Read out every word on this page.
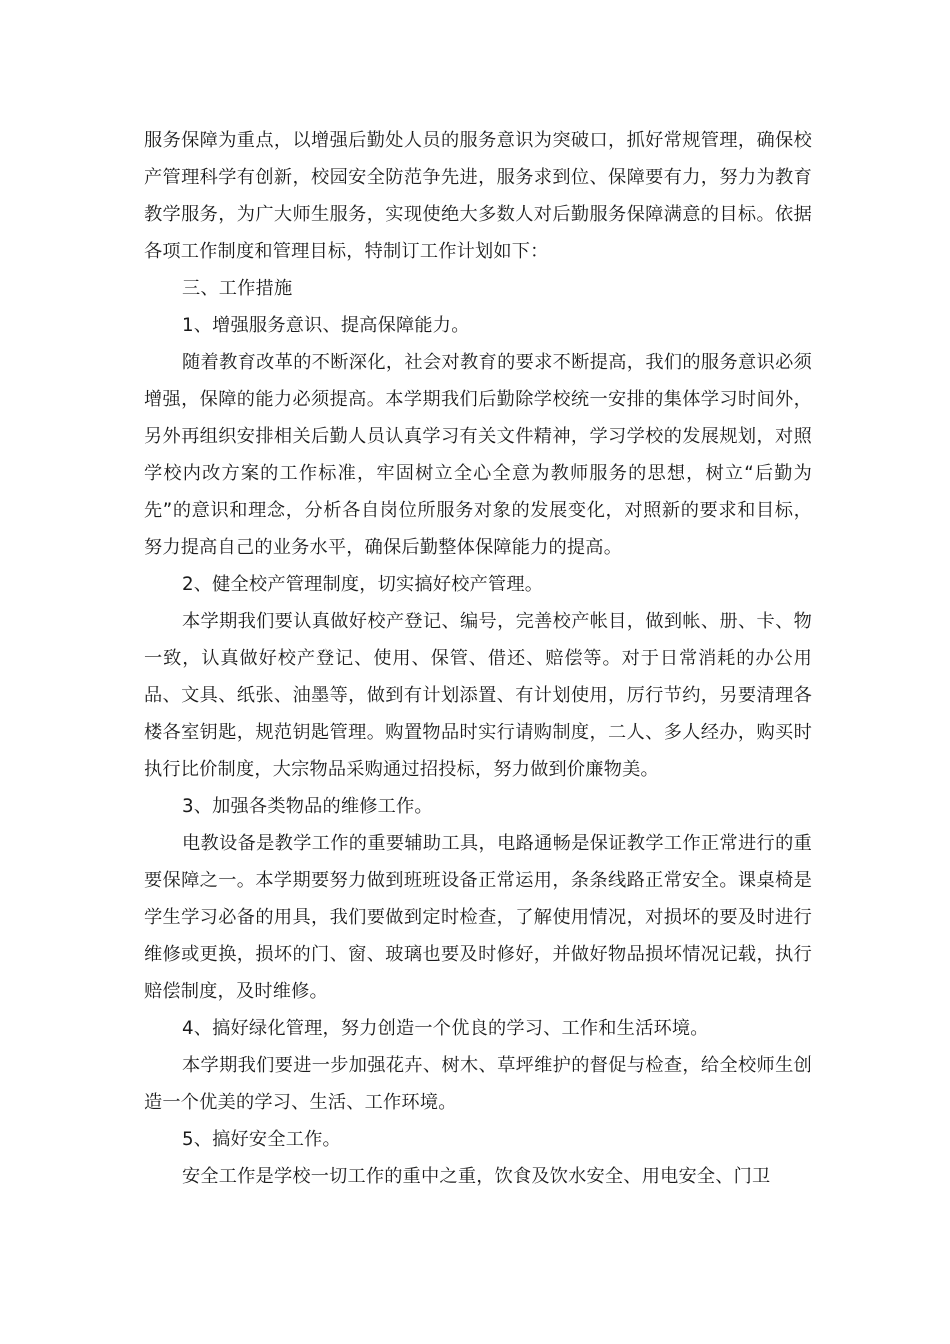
服务保障为重点，以增强后勤处人员的服务意识为突破口，抓好常规管理，确保校产管理科学有创新，校园安全防范争先进，服务求到位、保障要有力，努力为教育教学服务，为广大师生服务，实现使绝大多数人对后勤服务保障满意的目标。依据各项工作制度和管理目标，特制订工作计划如下：

三、工作措施

1、增强服务意识、提高保障能力。

随着教育改革的不断深化，社会对教育的要求不断提高，我们的服务意识必须增强，保障的能力必须提高。本学期我们后勤除学校统一安排的集体学习时间外，另外再组织安排相关后勤人员认真学习有关文件精神，学习学校的发展规划，对照学校内改方案的工作标准，牢固树立全心全意为教师服务的思想，树立“后勤为先”的意识和理念，分析各自岗位所服务对象的发展变化，对照新的要求和目标，努力提高自己的业务水平，确保后勤整体保障能力的提高。

2、健全校产管理制度，切实搞好校产管理。

本学期我们要认真做好校产登记、编号，完善校产帐目，做到帐、册、卡、物一致，认真做好校产登记、使用、保管、借还、赔偿等。对于日常消耗的办公用品、文具、纸张、油墨等，做到有计划添置、有计划使用，厉行节约，另要清理各楼各室钥匙，规范钥匙管理。购置物品时实行请购制度，二人、多人经办，购买时执行比价制度，大宗物品采购通过招投标，努力做到价廉物美。

3、加强各类物品的维修工作。

电教设备是教学工作的重要辅助工具，电路通畅是保证教学工作正常进行的重要保障之一。本学期要努力做到班班设备正常运用，条条线路正常安全。课桌椅是学生学习必备的用具，我们要做到定时检查，了解使用情况，对损坏的要及时进行维修或更换，损坏的门、窗、玻璃也要及时修好，并做好物品损坏情况记载，执行赔偿制度，及时维修。

4、搞好绿化管理，努力创造一个优良的学习、工作和生活环境。

本学期我们要进一步加强花卉、树木、草坪维护的督促与检查，给全校师生创造一个优美的学习、生活、工作环境。

5、搞好安全工作。

安全工作是学校一切工作的重中之重，饮食及饮水安全、用电安全、门卫
